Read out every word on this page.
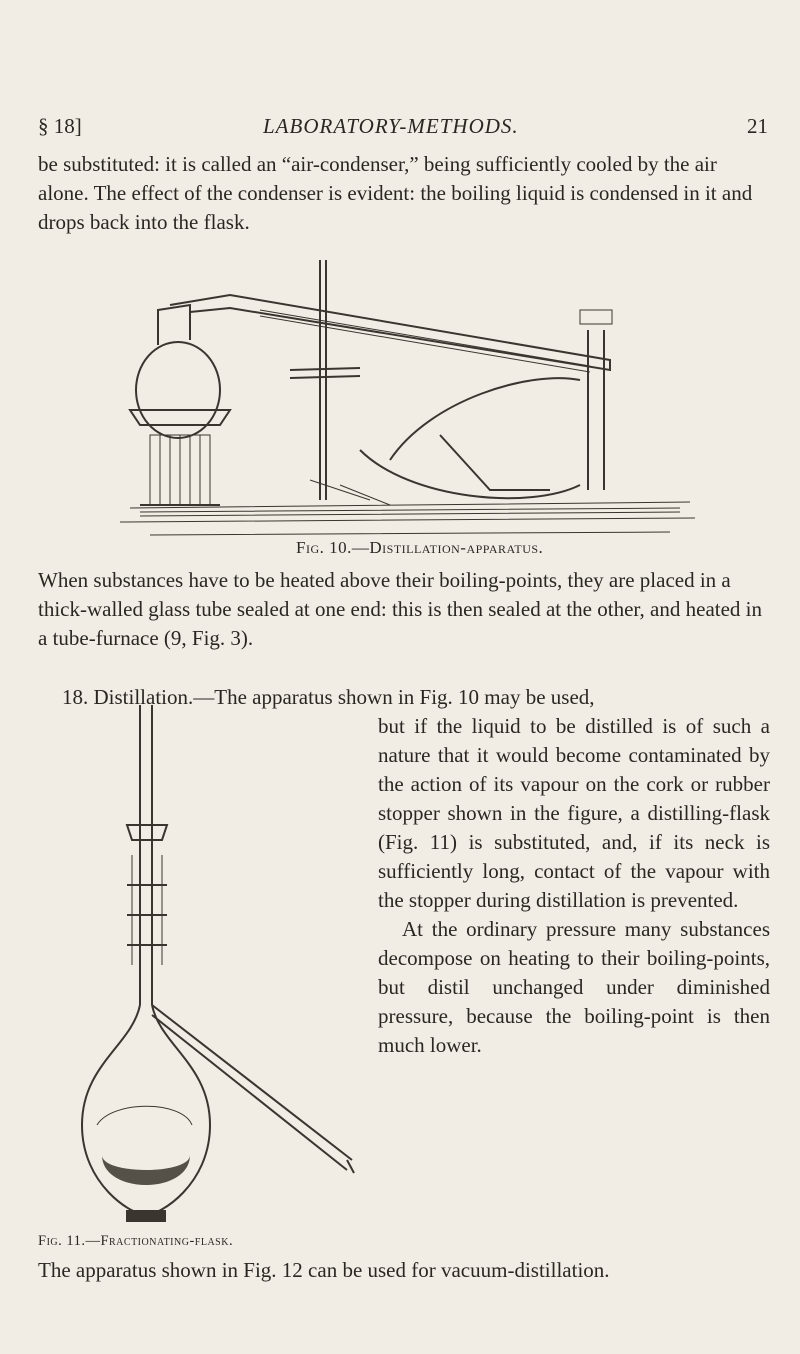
§ 18]	LABORATORY-METHODS.	21
be substituted: it is called an “air-condenser,” being sufficiently cooled by the air alone. The effect of the condenser is evident: the boiling liquid is condensed in it and drops back into the flask.
Fig. 10.—Distillation-apparatus.
When substances have to be heated above their boiling-points, they are placed in a thick-walled glass tube sealed at one end: this is then sealed at the other, and heated in a tube-furnace (9, Fig. 3).
18. Distillation.—The apparatus shown in Fig. 10 may be used,
but if the liquid to be distilled is of such a nature that it would become contaminated by the action of its vapour on the cork or rubber stopper shown in the figure, a distilling-flask (Fig. 11) is substituted, and, if its neck is sufficiently long, contact of the vapour with the stopper during distillation is prevented.
At the ordinary pressure many substances decompose on heating to their boiling-points, but distil unchanged under diminished pressure, because the boiling-point is then much lower.
Fig. 11.—Fractionating-flask.
The apparatus shown in Fig. 12 can be used for vacuum-distillation.
